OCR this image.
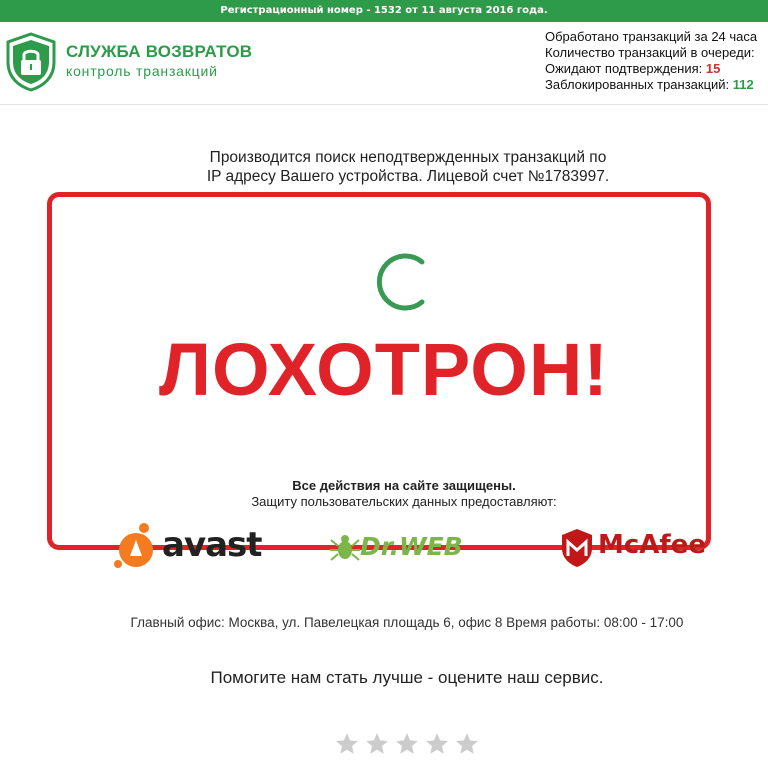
Регистрационный номер - 1532 от 11 августа 2016 года.
СЛУЖБА ВОЗВРАТОВ
контроль транзакций
Обработано транзакций за 24 часа
Количество транзакций в очереди:
Ожидают подтверждения: 15
Заблокированных транзакций: 112
Производится поиск неподтвержденных транзакций по
IP адресу Вашего устройства. Лицевой счет №1783997.
ЛОХОТРОН!
Все действия на сайте защищены.
Защиту пользовательских данных предоставляют:
avast	Dr.WEB	McAfee
Главный офис: Москва, ул. Павелецкая площадь 6, офис 8 Время работы: 08:00 - 17:00
Помогите нам стать лучше - оцените наш сервис.
